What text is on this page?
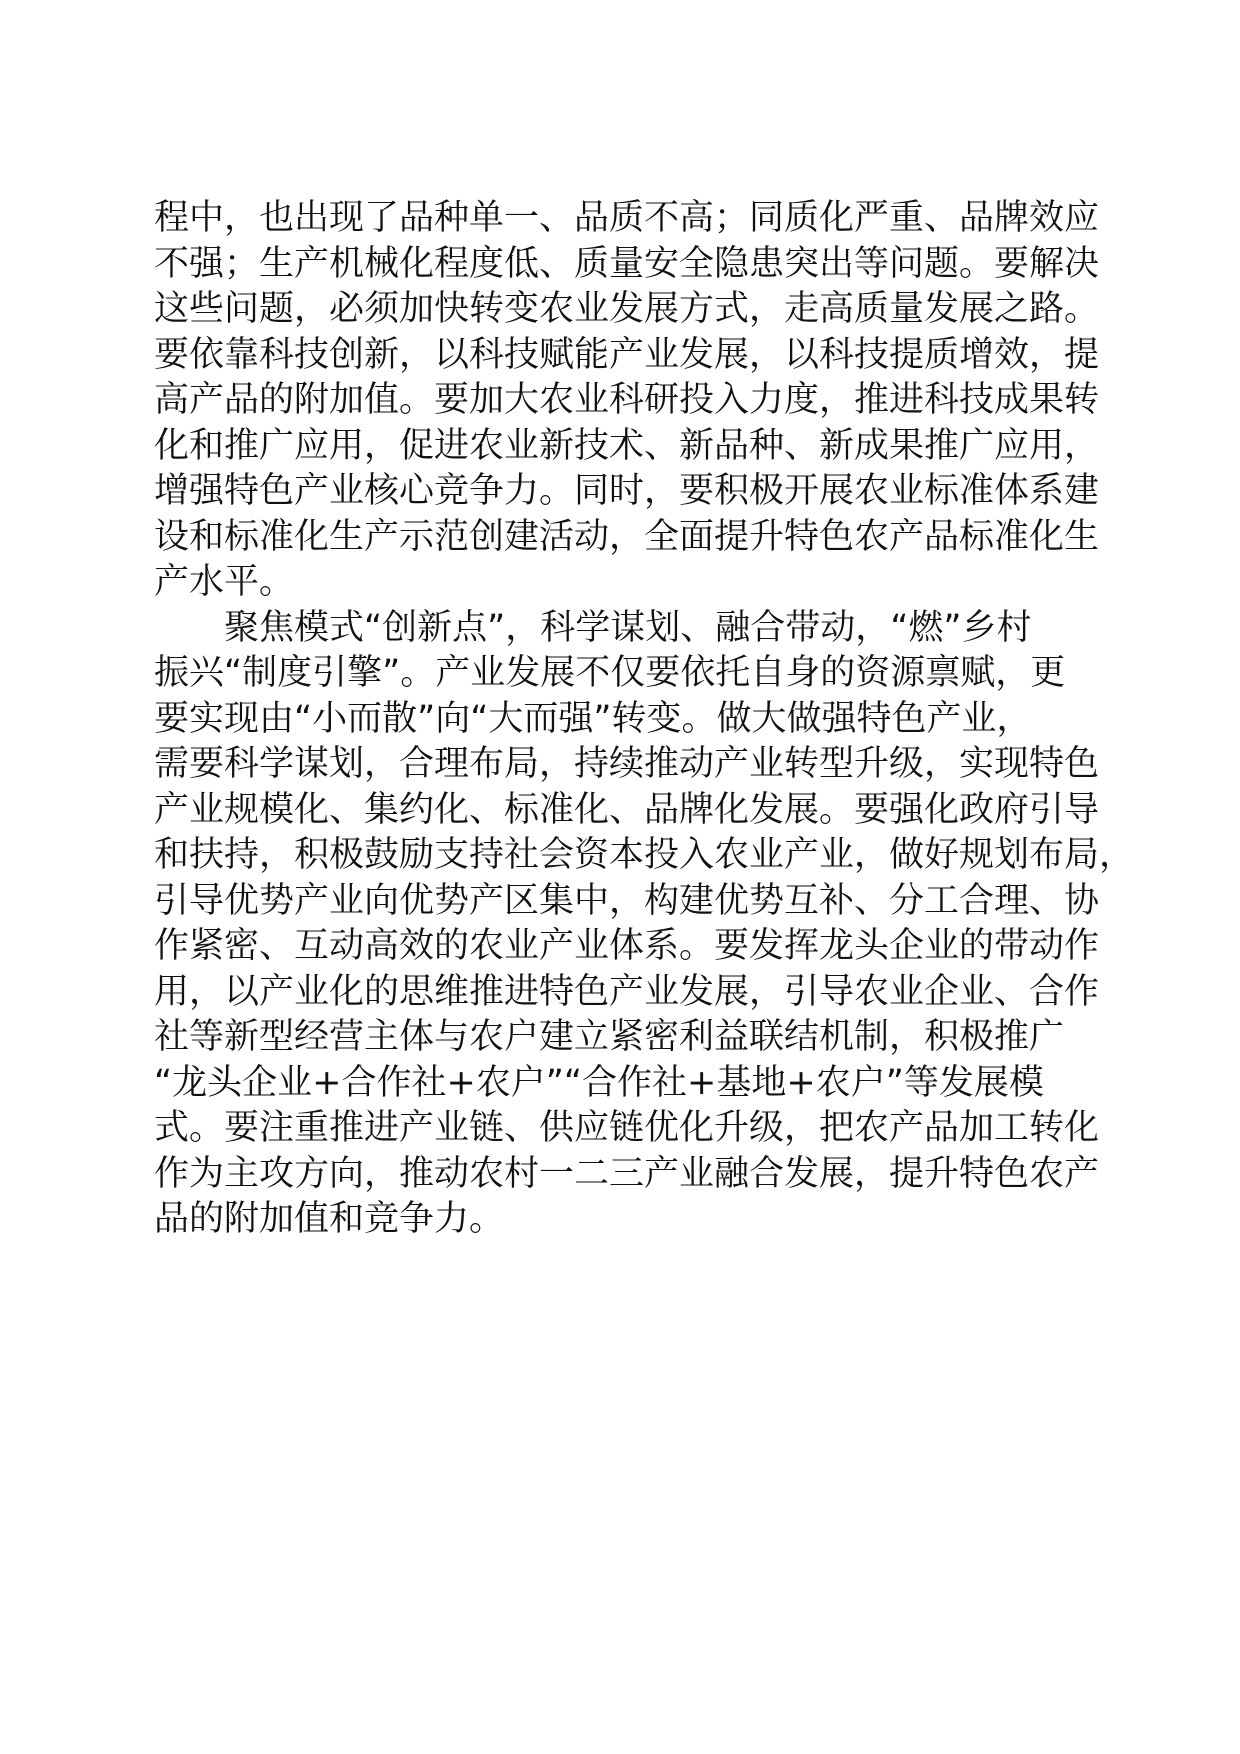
程中，也出现了品种单一、品质不高；同质化严重、品牌效应
不强；生产机械化程度低、质量安全隐患突出等问题。要解决
这些问题，必须加快转变农业发展方式，走高质量发展之路。
要依靠科技创新，以科技赋能产业发展，以科技提质增效，提
高产品的附加值。要加大农业科研投入力度，推进科技成果转
化和推广应用，促进农业新技术、新品种、新成果推广应用，
增强特色产业核心竞争力。同时，要积极开展农业标准体系建
设和标准化生产示范创建活动，全面提升特色农产品标准化生
产水平。
聚焦模式“创新点”，科学谋划、融合带动，“燃”乡村
振兴“制度引擎”。产业发展不仅要依托自身的资源禀赋，更
要实现由“小而散”向“大而强”转变。做大做强特色产业，
需要科学谋划，合理布局，持续推动产业转型升级，实现特色
产业规模化、集约化、标准化、品牌化发展。要强化政府引导
和扶持，积极鼓励支持社会资本投入农业产业，做好规划布局，
引导优势产业向优势产区集中，构建优势互补、分工合理、协
作紧密、互动高效的农业产业体系。要发挥龙头企业的带动作
用，以产业化的思维推进特色产业发展，引导农业企业、合作
社等新型经营主体与农户建立紧密利益联结机制，积极推广
“龙头企业+合作社+农户”“合作社+基地+农户”等发展模
式。要注重推进产业链、供应链优化升级，把农产品加工转化
作为主攻方向，推动农村一二三产业融合发展，提升特色农产
品的附加值和竞争力。
